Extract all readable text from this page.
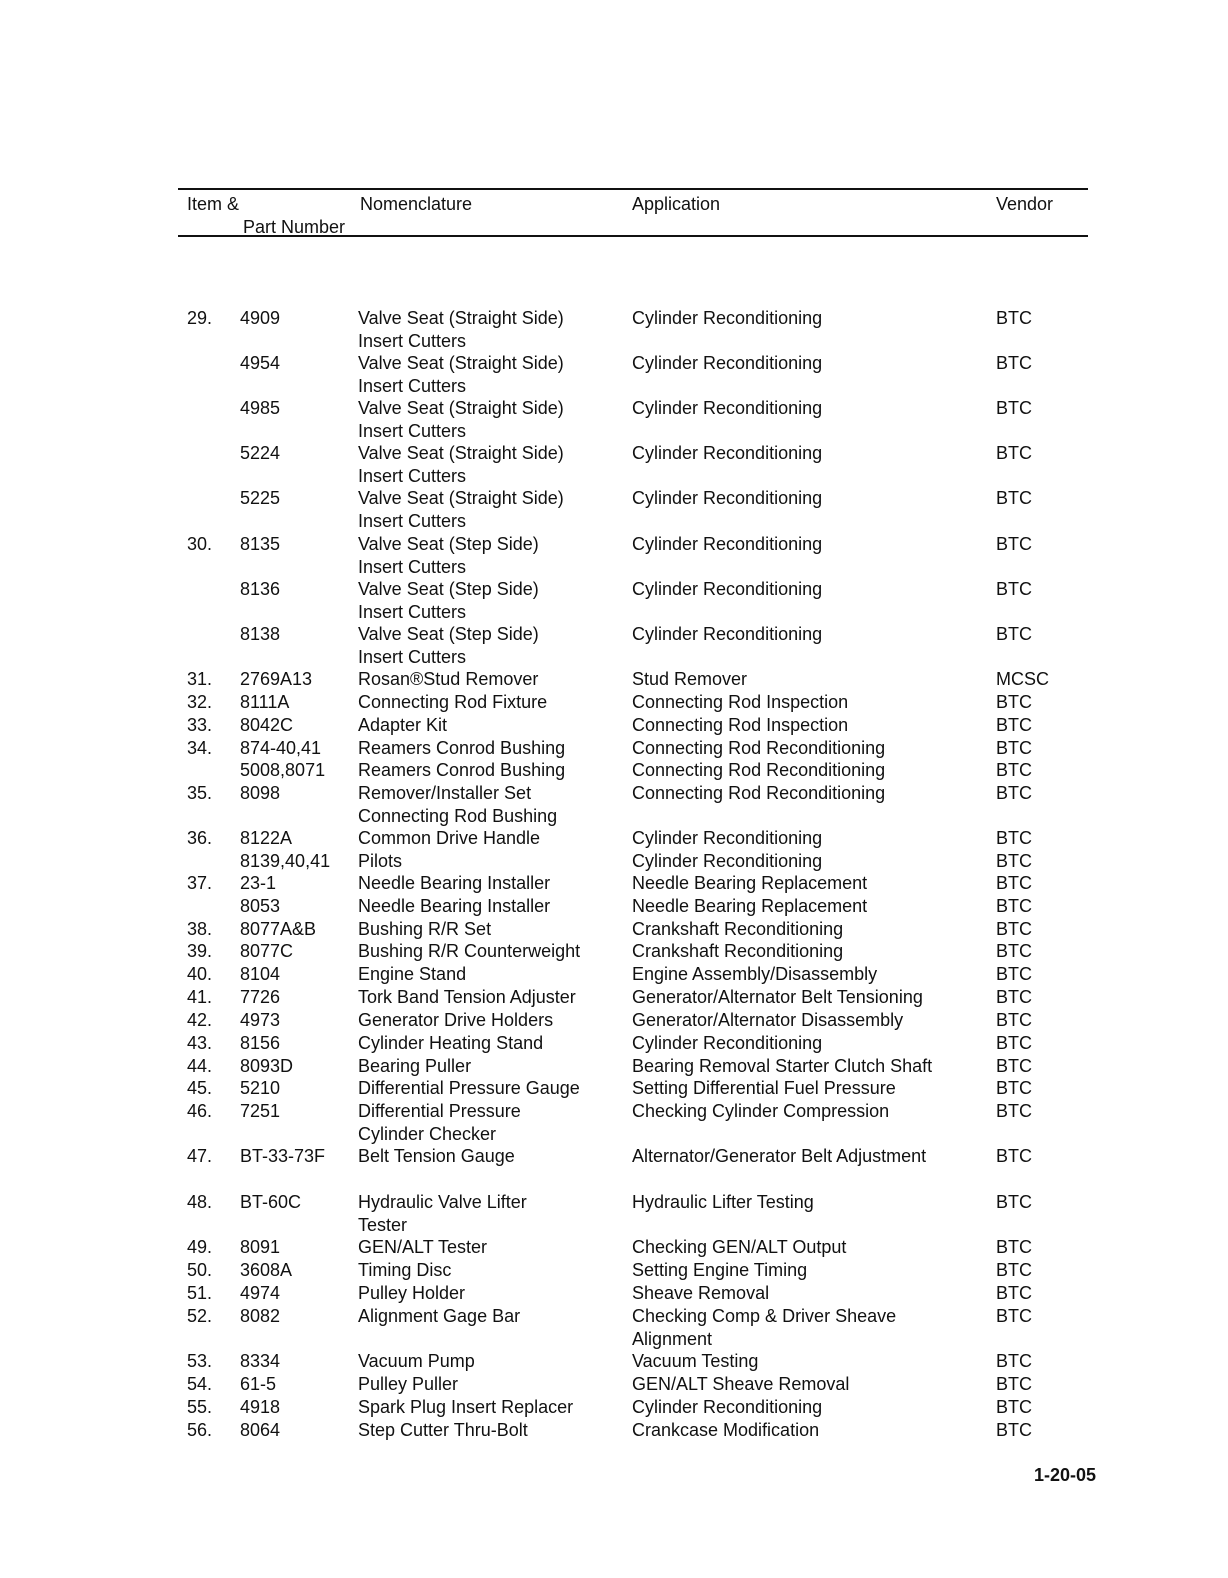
Item &
Part Number
Nomenclature	Application	Vendor
29. 4909	Valve Seat (Straight Side)	Cylinder Reconditioning	BTC
Insert Cutters
4954	Valve Seat (Straight Side)	Cylinder Reconditioning	BTC
Insert Cutters
4985	Valve Seat (Straight Side)	Cylinder Reconditioning	BTC
Insert Cutters
5224	Valve Seat (Straight Side)	Cylinder Reconditioning	BTC
Insert Cutters
5225	Valve Seat (Straight Side)	Cylinder Reconditioning	BTC
Insert Cutters
30. 8135	Valve Seat (Step Side)	Cylinder Reconditioning	BTC
Insert Cutters
8136	Valve Seat (Step Side)	Cylinder Reconditioning	BTC
Insert Cutters
8138	Valve Seat (Step Side)	Cylinder Reconditioning	BTC
Insert Cutters
31. 2769A13	Rosan®Stud Remover	Stud Remover	MCSC
32. 8111A	Connecting Rod Fixture	Connecting Rod Inspection	BTC
33. 8042C	Adapter Kit	Connecting Rod Inspection	BTC
34. 874-40,41 Reamers Conrod Bushing	Connecting Rod Reconditioning	BTC
5008,8071 Reamers Conrod Bushing	Connecting Rod Reconditioning	BTC
35. 8098	Remover/Installer Set	Connecting Rod Reconditioning	BTC
Connecting Rod Bushing
36. 8122A	Common Drive Handle	Cylinder Reconditioning	BTC
8139,40,41 Pilots	Cylinder Reconditioning	BTC
37. 23-1	Needle Bearing Installer	Needle Bearing Replacement	BTC
8053	Needle Bearing Installer	Needle Bearing Replacement	BTC
38. 8077A&B Bushing R/R Set	Crankshaft Reconditioning	BTC
39. 8077C	Bushing R/R Counterweight	Crankshaft Reconditioning	BTC
40. 8104	Engine Stand	Engine Assembly/Disassembly	BTC
41. 7726	Tork Band Tension Adjuster	Generator/Alternator Belt Tensioning	BTC
42. 4973	Generator Drive Holders	Generator/Alternator Disassembly	BTC
43. 8156	Cylinder Heating Stand	Cylinder Reconditioning	BTC
44. 8093D	Bearing Puller	Bearing Removal Starter Clutch Shaft	BTC
45. 5210	Differential Pressure Gauge	Setting Differential Fuel Pressure	BTC
46. 7251	Differential Pressure	Checking Cylinder Compression	BTC
Cylinder Checker
47. BT-33-73F Belt Tension Gauge	Alternator/Generator Belt Adjustment	BTC
48. BT-60C	Hydraulic Valve Lifter	Hydraulic Lifter Testing	BTC
Tester
49. 8091	GEN/ALT Tester	Checking GEN/ALT Output	BTC
50. 3608A	Timing Disc	Setting Engine Timing	BTC
51. 4974	Pulley Holder	Sheave Removal	BTC
52. 8082	Alignment Gage Bar	Checking Comp & Driver Sheave	BTC
Alignment
53. 8334	Vacuum Pump	Vacuum Testing	BTC
54. 61-5	Pulley Puller	GEN/ALT Sheave Removal	BTC
55. 4918	Spark Plug Insert Replacer	Cylinder Reconditioning	BTC
56. 8064	Step Cutter Thru-Bolt	Crankcase Modification	BTC
1-20-05
